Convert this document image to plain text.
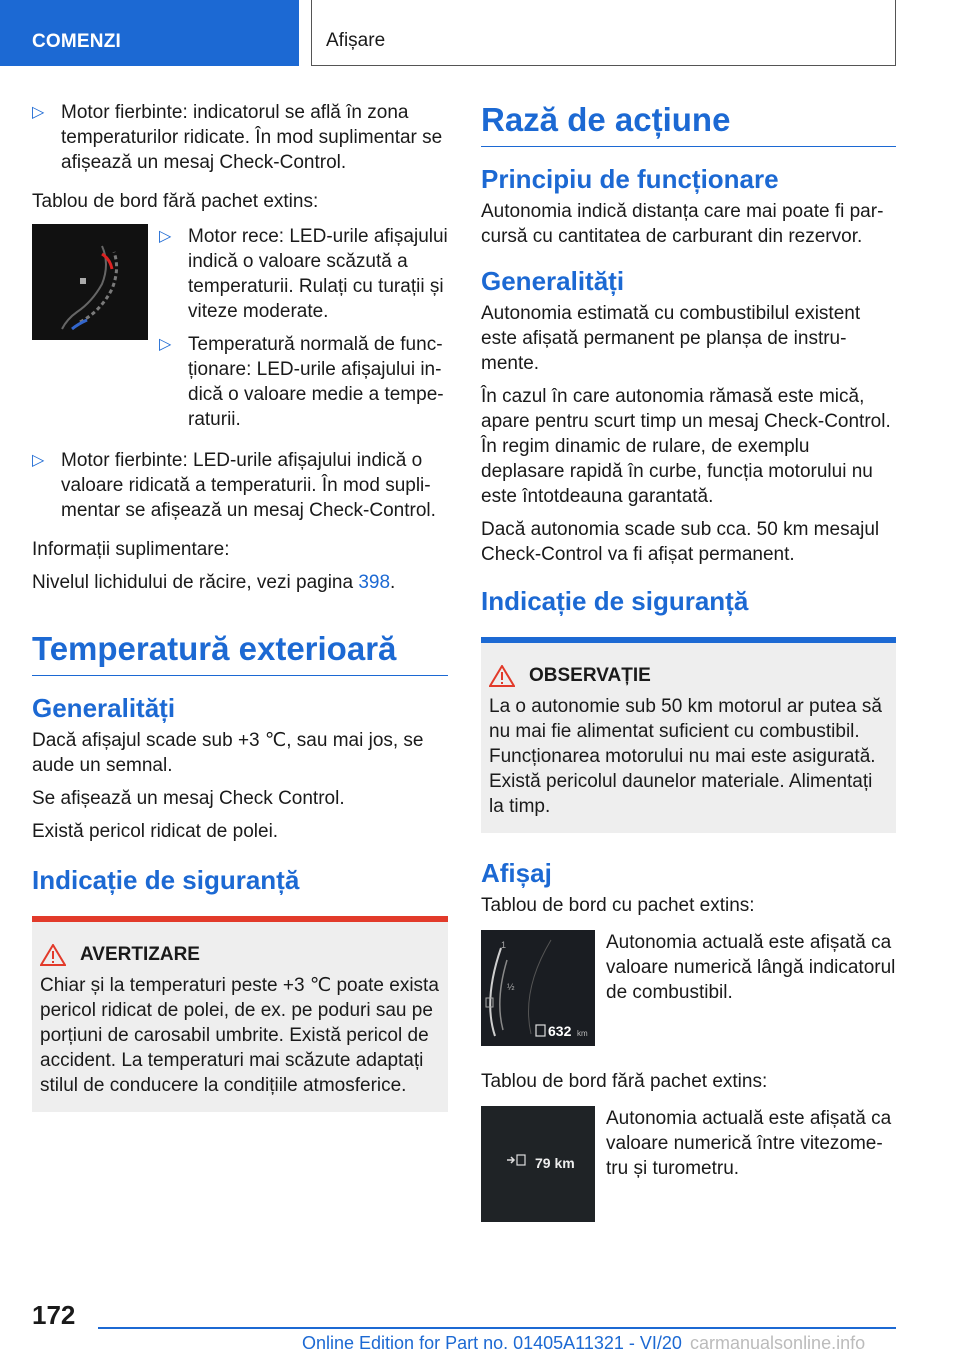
COMENZI	Afișare
▷ Motor fierbinte: indicatorul se află în zona temperaturilor ridicate. În mod suplimentar se afișează un mesaj Check-Control.

Tablou de bord fără pachet extins:

▷ Motor rece: LED-urile afișajului indică o valoare scăzută a temperaturii. Rulați cu turații și viteze moderate.
▷ Temperatură normală de funcționare: LED-urile afișajului indică o valoare medie a temperaturii.
▷ Motor fierbinte: LED-urile afișajului indică o valoare ridicată a temperaturii. În mod suplimentar se afișează un mesaj Check-Control.

Informații suplimentare:

Nivelul lichidului de răcire, vezi pagina 398.

Temperatură exterioară
Generalități

Dacă afișajul scade sub +3 ℃, sau mai jos, se aude un semnal.

Se afișează un mesaj Check Control.

Există pericol ridicat de polei.

Indicație de siguranță
AVERTIZARE
Chiar și la temperaturi peste +3 ℃ poate exista pericol ridicat de polei, de ex. pe poduri sau pe porțiuni de carosabil umbrite. Există pericol de accident. La temperaturi mai scăzute adaptați stilul de conducere la condițiile atmosferice.
Rază de acțiune
Principiu de funcționare

Autonomia indică distanța care mai poate fi parcursă cu cantitatea de carburant din rezervor.

Generalități

Autonomia estimată cu combustibilul existent este afișată permanent pe planșa de instrumente.

În cazul în care autonomia rămasă este mică, apare pentru scurt timp un mesaj Check-Control. În regim dinamic de rulare, de exemplu deplasare rapidă în curbe, funcția motorului nu este întotdeauna garantată.

Dacă autonomia scade sub cca. 50 km mesajul Check-Control va fi afișat permanent.

Indicație de siguranță
OBSERVAȚIE
La o autonomie sub 50 km motorul ar putea să nu mai fie alimentat suficient cu combustibil. Funcționarea motorului nu mai este asigurată. Există pericolul daunelor materiale. Alimentați la timp.
Afișaj

Tablou de bord cu pachet extins:

1
½
632 km
Autonomia actuală este afișată ca valoare numerică lângă indicatorul de combustibil.

Tablou de bord fără pachet extins:

79 km
Autonomia actuală este afișată ca valoare numerică între vitezometru și turometru.
172
Online Edition for Part no. 01405A11321 - VI/20 carmanualsonline.info
